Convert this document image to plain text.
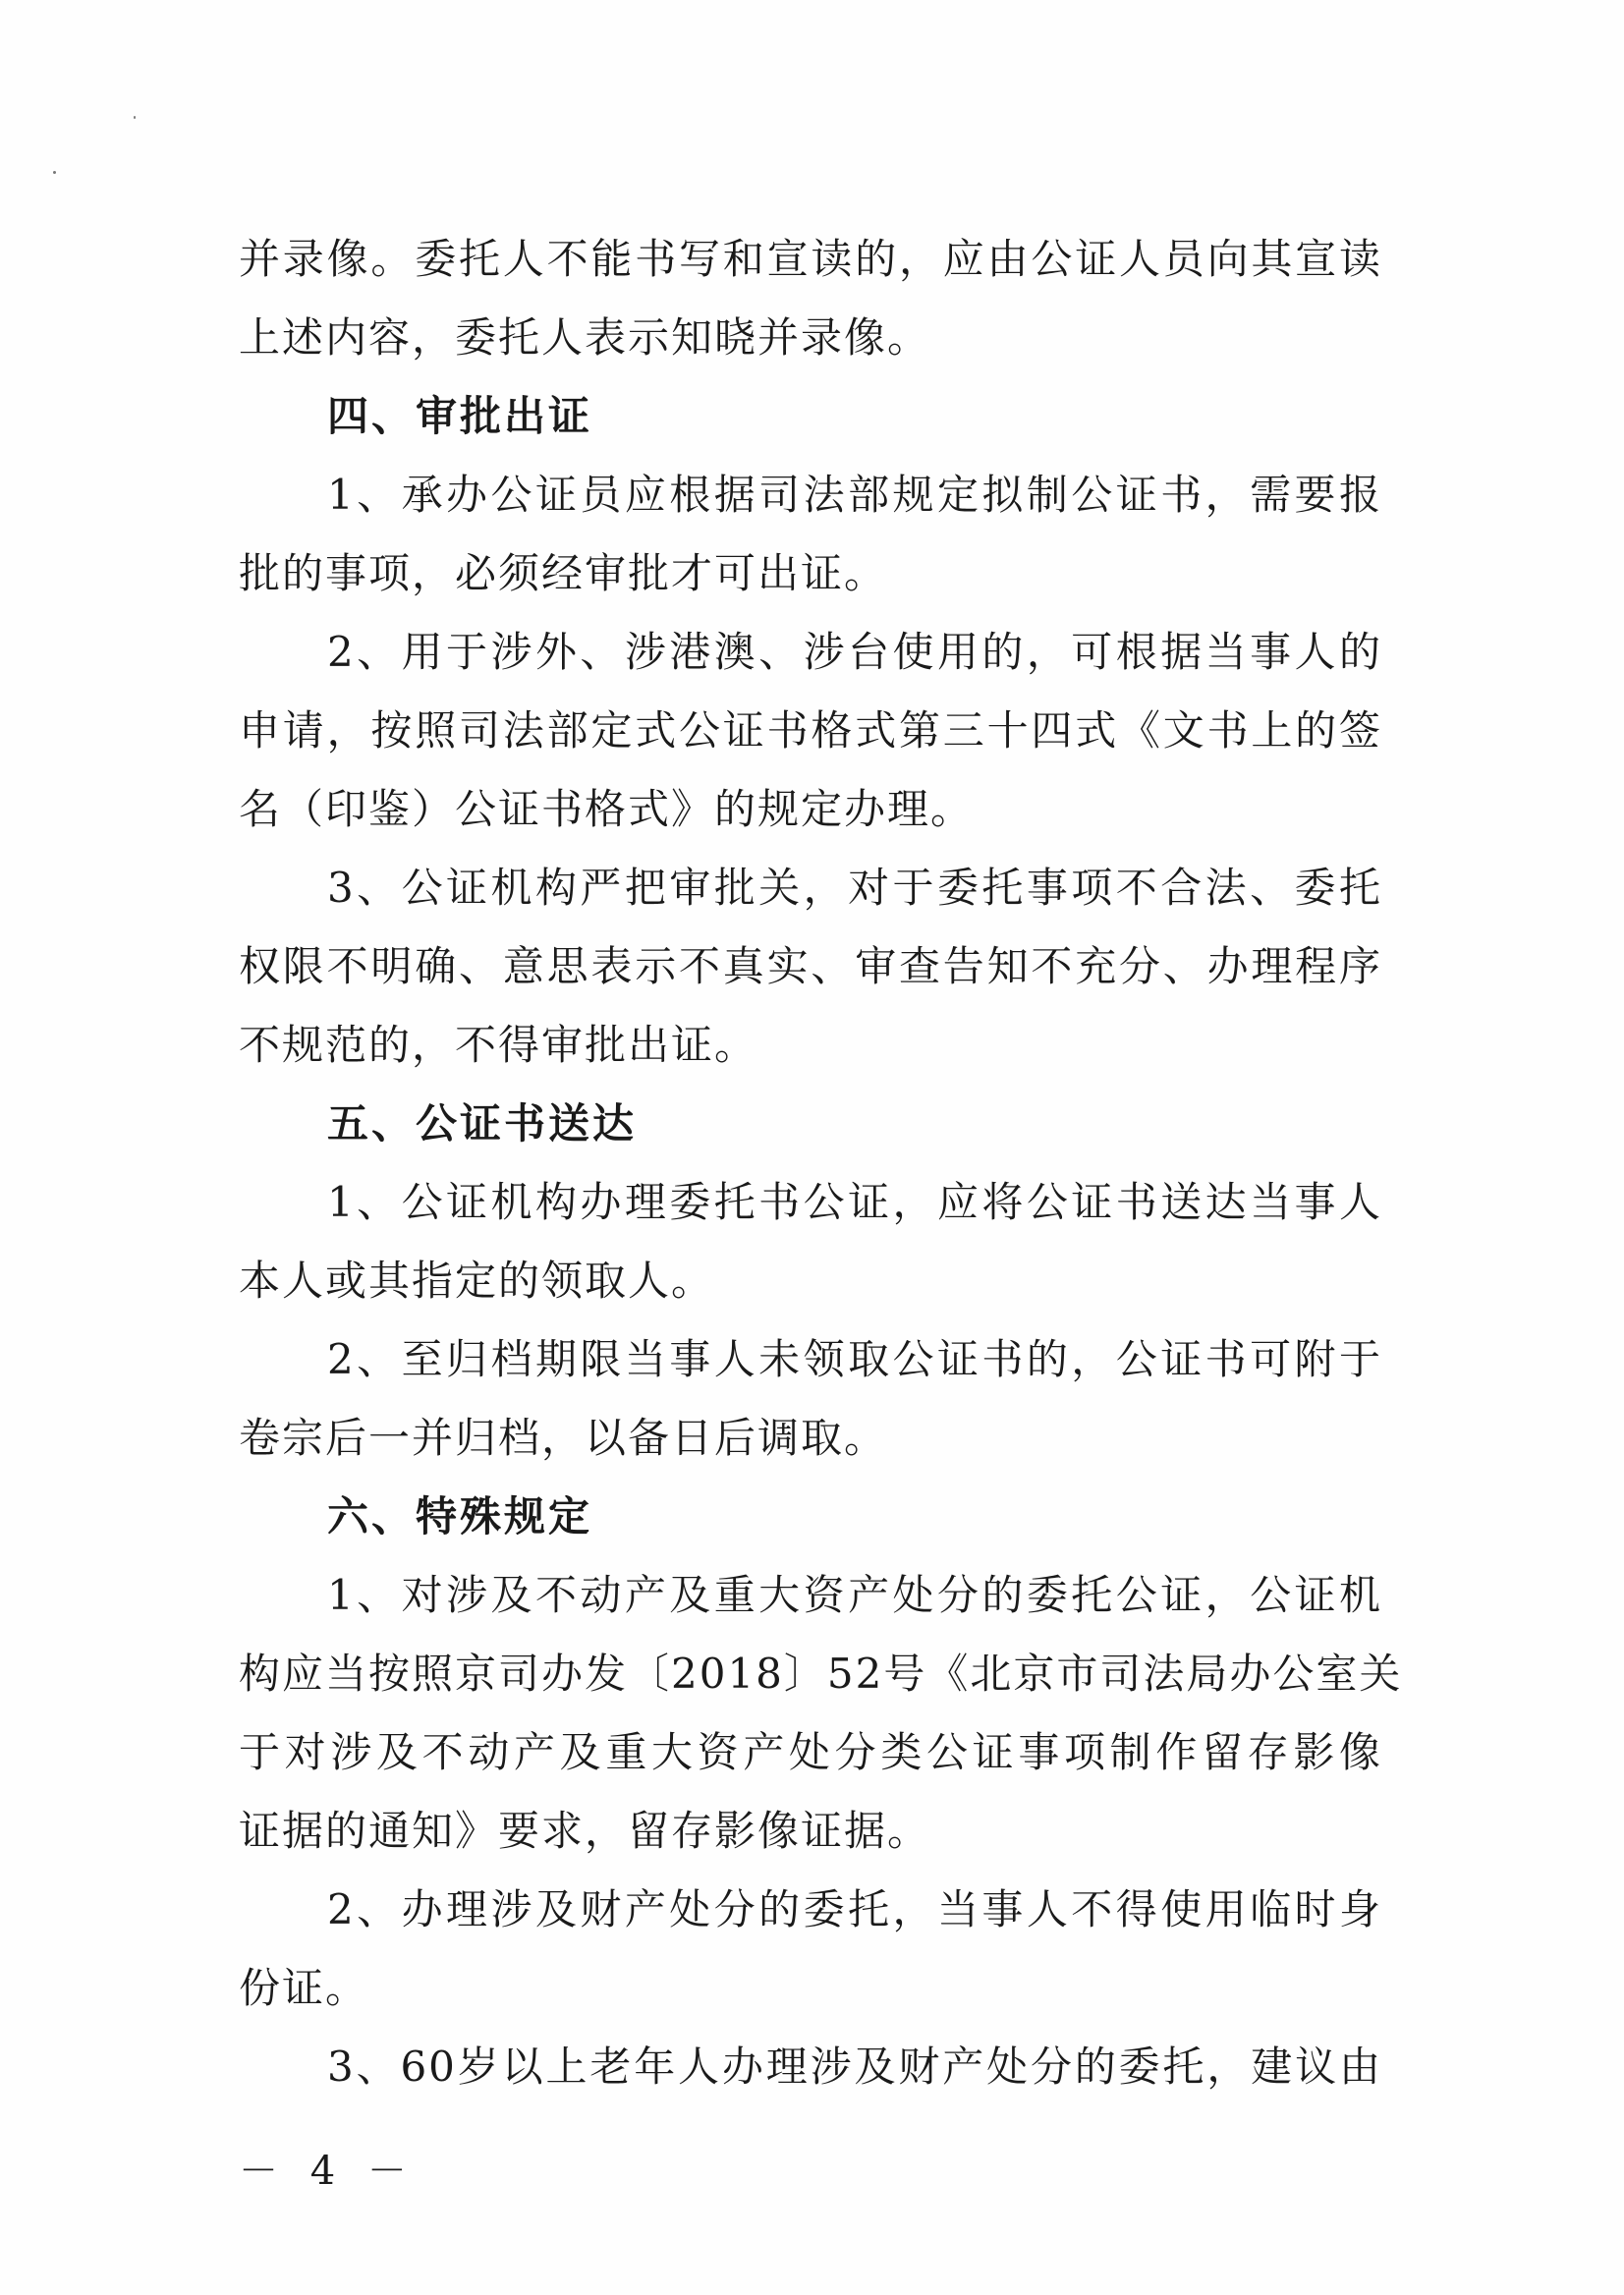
并录像。委托人不能书写和宣读的，应由公证人员向其宣读
上述内容，委托人表示知晓并录像。
四、审批出证
1、承办公证员应根据司法部规定拟制公证书，需要报
批的事项，必须经审批才可出证。
2、用于涉外、涉港澳、涉台使用的，可根据当事人的
申请，按照司法部定式公证书格式第三十四式《文书上的签
名（印鉴）公证书格式》的规定办理。
3、公证机构严把审批关，对于委托事项不合法、委托
权限不明确、意思表示不真实、审查告知不充分、办理程序
不规范的，不得审批出证。
五、公证书送达
1、公证机构办理委托书公证，应将公证书送达当事人
本人或其指定的领取人。
2、至归档期限当事人未领取公证书的，公证书可附于
卷宗后一并归档，以备日后调取。
六、特殊规定
1、对涉及不动产及重大资产处分的委托公证，公证机
构应当按照京司办发〔2018〕52号《北京市司法局办公室关
于对涉及不动产及重大资产处分类公证事项制作留存影像
证据的通知》要求，留存影像证据。
2、办理涉及财产处分的委托，当事人不得使用临时身
份证。
3、60岁以上老年人办理涉及财产处分的委托，建议由
－ 4 －
